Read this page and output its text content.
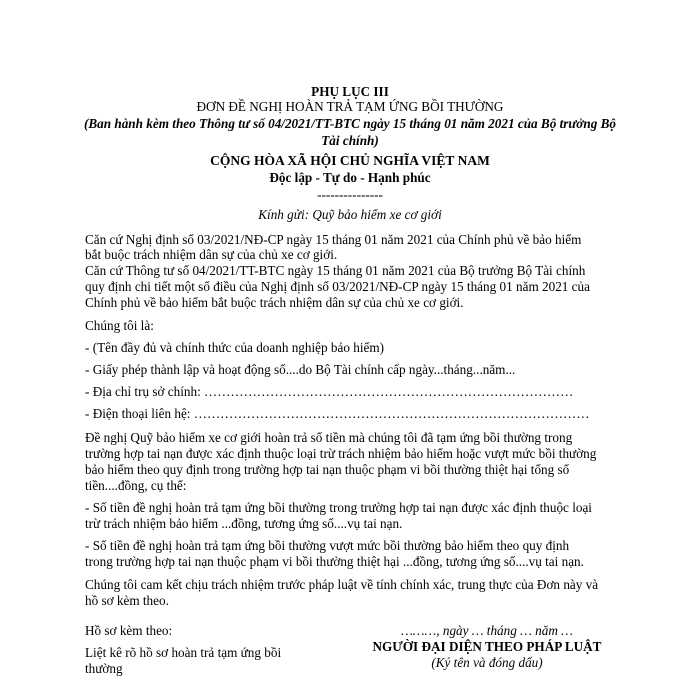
PHỤ LỤC III
ĐƠN ĐỀ NGHỊ HOÀN TRẢ TẠM ỨNG BỒI THƯỜNG
(Ban hành kèm theo Thông tư số 04/2021/TT-BTC ngày 15 tháng 01 năm 2021 của Bộ trưởng Bộ
Tài chính)
CỘNG HÒA XÃ HỘI CHỦ NGHĨA VIỆT NAM
Độc lập - Tự do - Hạnh phúc
---------------
Kính gửi: Quỹ bảo hiểm xe cơ giới
Căn cứ Nghị định số 03/2021/NĐ-CP ngày 15 tháng 01 năm 2021 của Chính phủ về bảo hiểm
bắt buộc trách nhiệm dân sự của chủ xe cơ giới.
Căn cứ Thông tư số 04/2021/TT-BTC ngày 15 tháng 01 năm 2021 của Bộ trưởng Bộ Tài chính
quy định chi tiết một số điều của Nghị định số 03/2021/NĐ-CP ngày 15 tháng 01 năm 2021 của
Chính phủ về bảo hiểm bắt buộc trách nhiệm dân sự của chủ xe cơ giới.
Chúng tôi là:
- (Tên đầy đủ và chính thức của doanh nghiệp bảo hiểm)
- Giấy phép thành lập và hoạt động số....do Bộ Tài chính cấp ngày...tháng...năm...
- Địa chỉ trụ sở chính: …………………………………………………………………………
- Điện thoại liên hệ: ………………………………………………………………………………
Đề nghị Quỹ bảo hiểm xe cơ giới hoàn trả số tiền mà chúng tôi đã tạm ứng bồi thường trong
trường hợp tai nạn được xác định thuộc loại trừ trách nhiệm bảo hiểm hoặc vượt mức bồi thường
bảo hiểm theo quy định trong trường hợp tai nạn thuộc phạm vi bồi thường thiệt hại tổng số
tiền....đồng, cụ thể:
- Số tiền đề nghị hoàn trả tạm ứng bồi thường trong trường hợp tai nạn được xác định thuộc loại
trừ trách nhiệm bảo hiểm ...đồng, tương ứng số....vụ tai nạn.
- Số tiền đề nghị hoàn trả tạm ứng bồi thường vượt mức bồi thường bảo hiểm theo quy định
trong trường hợp tai nạn thuộc phạm vi bồi thường thiệt hại ...đồng, tương ứng số....vụ tai nạn.
Chúng tôi cam kết chịu trách nhiệm trước pháp luật về tính chính xác, trung thực của Đơn này và
hồ sơ kèm theo.
Hồ sơ kèm theo:
Liệt kê rõ hồ sơ hoàn trả tạm ứng bồi
thường
………, ngày … tháng … năm …
NGƯỜI ĐẠI DIỆN THEO PHÁP LUẬT
(Ký tên và đóng dấu)
